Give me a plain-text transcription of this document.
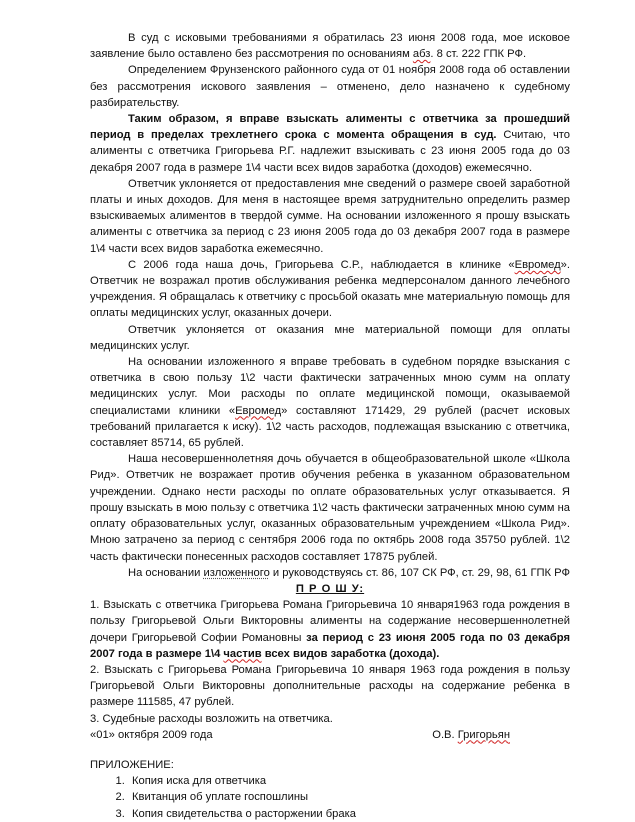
В суд с исковыми требованиями я обратилась 23 июня 2008 года, мое исковое заявление было оставлено без рассмотрения по основаниям абз. 8 ст. 222 ГПК РФ.

Определением Фрунзенского районного суда от 01 ноября 2008 года об оставлении без рассмотрения искового заявления – отменено, дело назначено к судебному разбирательству.

Таким образом, я вправе взыскать алименты с ответчика за прошедший период в пределах трехлетнего срока с момента обращения в суд. Считаю, что алименты с ответчика Григорьева Р.Г. надлежит взыскивать с 23 июня 2005 года до 03 декабря 2007 года в размере 1\4 части всех видов заработка (доходов) ежемесячно.

Ответчик уклоняется от предоставления мне сведений о размере своей заработной платы и иных доходов. Для меня в настоящее время затруднительно определить размер взыскиваемых алиментов в твердой сумме. На основании изложенного я прошу взыскать алименты с ответчика за период с 23 июня 2005 года до 03 декабря 2007 года в размере 1\4 части всех видов заработка ежемесячно.

С 2006 года наша дочь, Григорьева С.Р., наблюдается в клинике «Евромед». Ответчик не возражал против обслуживания ребенка медперсоналом данного лечебного учреждения. Я обращалась к ответчику с просьбой оказать мне материальную помощь для оплаты медицинских услуг, оказанных дочери.

Ответчик уклоняется от оказания мне материальной помощи для оплаты медицинских услуг.

На основании изложенного я вправе требовать в судебном порядке взыскания с ответчика в свою пользу 1\2 части фактически затраченных мною сумм на оплату медицинских услуг. Мои расходы по оплате медицинской помощи, оказываемой специалистами клиники «Евромед» составляют 171429, 29 рублей (расчет исковых требований прилагается к иску). 1\2 часть расходов, подлежащая взысканию с ответчика, составляет 85714, 65 рублей.

Наша несовершеннолетняя дочь обучается в общеобразовательной школе «Школа Рид». Ответчик не возражает против обучения ребенка в указанном образовательном учреждении. Однако нести расходы по оплате образовательных услуг отказывается. Я прошу взыскать в мою пользу с ответчика 1\2 часть фактически затраченных мною сумм на оплату образовательных услуг, оказанных образовательным учреждением «Школа Рид». Мною затрачено за период с сентября 2006 года по октябрь 2008 года 35750 рублей. 1\2 часть фактически понесенных расходов составляет 17875 рублей.

На основании изложенного и руководствуясь ст. 86, 107 СК РФ, ст. 29, 98, 61 ГПК РФ

П Р О Ш У:

1. Взыскать с ответчика Григорьева Романа Григорьевича 10 января1963 года рождения в пользу Григорьевой Ольги Викторовны алименты на содержание несовершеннолетней дочери Григорьевой Софии Романовны за период с 23 июня 2005 года по 03 декабря 2007 года в размере 1\4 частив всех видов заработка (дохода).

2. Взыскать с Григорьева Романа Григорьевича 10 января 1963 года рождения в пользу Григорьевой Ольги Викторовны дополнительные расходы на содержание ребенка в размере 111585, 47 рублей.

3. Судебные расходы возложить на ответчика.

«01» октября 2009 года	О.В. Григорьян

ПРИЛОЖЕНИЕ:

1. Копия иска для ответчика
2. Квитанция об уплате госпошлины
3. Копия свидетельства о расторжении брака
